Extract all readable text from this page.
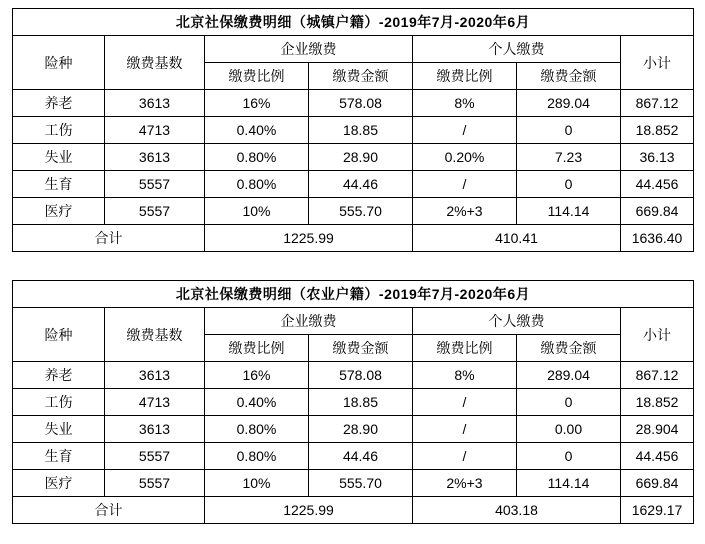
北京社保缴费明细（城镇户籍）-2019年7月-2020年6月						
险种	缴费基数	企业缴费		个人缴费		小计
		缴费比例	缴费金额	缴费比例	缴费金额	
养老	3613	16%	578.08	8%	289.04	867.12
工伤	4713	0.40%	18.85	/	0	18.852
失业	3613	0.80%	28.90	0.20%	7.23	36.13
生育	5557	0.80%	44.46	/	0	44.456
医疗	5557	10%	555.70	2%+3	114.14	669.84
合计		1225.99		410.41		1636.40
北京社保缴费明细（农业户籍）-2019年7月-2020年6月						
险种	缴费基数	企业缴费		个人缴费		小计
		缴费比例	缴费金额	缴费比例	缴费金额	
养老	3613	16%	578.08	8%	289.04	867.12
工伤	4713	0.40%	18.85	/	0	18.852
失业	3613	0.80%	28.90	/	0.00	28.904
生育	5557	0.80%	44.46	/	0	44.456
医疗	5557	10%	555.70	2%+3	114.14	669.84
合计		1225.99		403.18		1629.17
